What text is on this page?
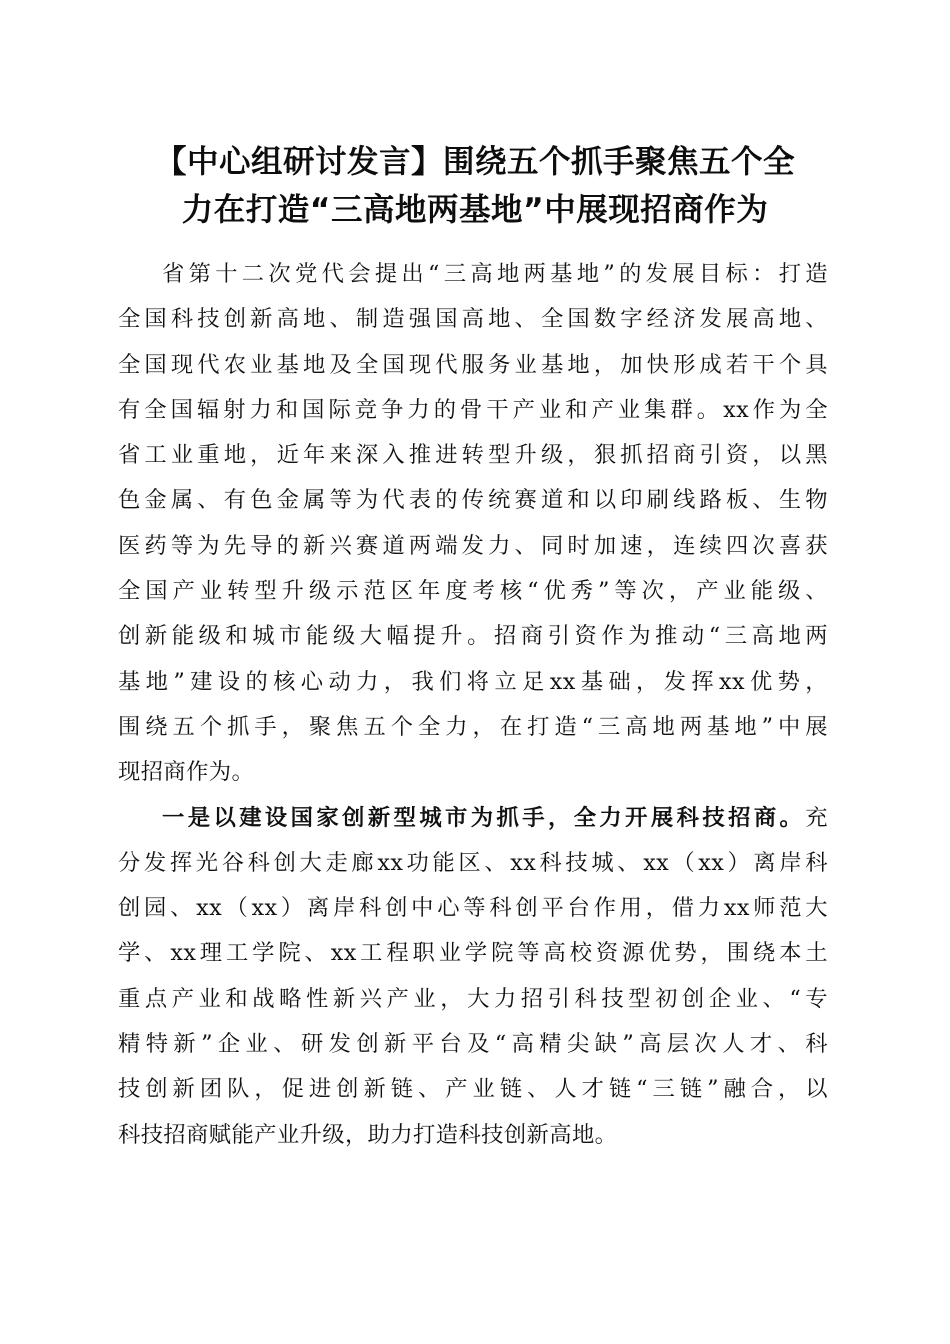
【中心组研讨发言】围绕五个抓手聚焦五个全
力在打造“三高地两基地”中展现招商作为

省第十二次党代会提出“三高地两基地”的发展目标：打造
全国科技创新高地、制造强国高地、全国数字经济发展高地、
全国现代农业基地及全国现代服务业基地，加快形成若干个具
有全国辐射力和国际竞争力的骨干产业和产业集群。xx作为全
省工业重地，近年来深入推进转型升级，狠抓招商引资，以黑
色金属、有色金属等为代表的传统赛道和以印刷线路板、生物
医药等为先导的新兴赛道两端发力、同时加速，连续四次喜获
全国产业转型升级示范区年度考核“优秀”等次，产业能级、
创新能级和城市能级大幅提升。招商引资作为推动“三高地两
基地”建设的核心动力，我们将立足xx基础，发挥xx优势，
围绕五个抓手，聚焦五个全力，在打造“三高地两基地”中展
现招商作为。

一是以建设国家创新型城市为抓手，全力开展科技招商。充
分发挥光谷科创大走廊xx功能区、xx科技城、xx（xx）离岸科
创园、xx（xx）离岸科创中心等科创平台作用，借力xx师范大
学、xx理工学院、xx工程职业学院等高校资源优势，围绕本土
重点产业和战略性新兴产业，大力招引科技型初创企业、“专
精特新”企业、研发创新平台及“高精尖缺”高层次人才、科
技创新团队，促进创新链、产业链、人才链“三链”融合，以
科技招商赋能产业升级，助力打造科技创新高地。
